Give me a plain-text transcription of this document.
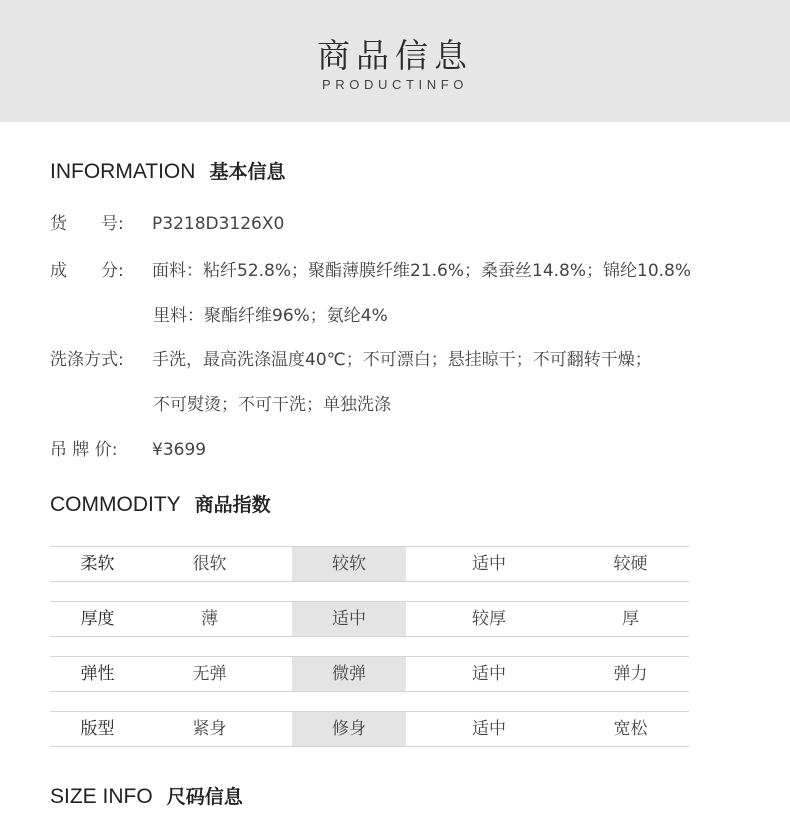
商品信息
PRODUCTINFO
INFORMATION 基本信息
货　　号: P3218D3126X0
成　　分: 面料：粘纤52.8%；聚酯薄膜纤维21.6%；桑蚕丝14.8%；锦纶10.8%
里料：聚酯纤维96%；氨纶4%
洗涤方式: 手洗，最高洗涤温度40℃；不可漂白；悬挂晾干；不可翻转干燥；
不可熨烫；不可干洗；单独洗涤
吊 牌 价: ¥3699
COMMODITY 商品指数
柔软	很软	较软	适中	较硬
厚度	薄	适中	较厚	厚
弹性	无弹	微弹	适中	弹力
版型	紧身	修身	适中	宽松
SIZE INFO 尺码信息
